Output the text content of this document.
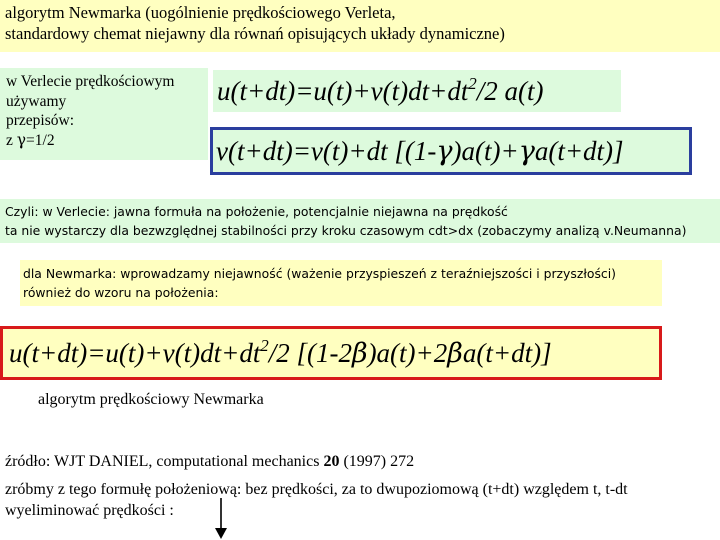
algorytm Newmarka (uogólnienie prędkościowego Verleta,
standardowy chemat niejawny dla równań opisujących układy dynamiczne)
w Verlecie prędkościowym
używamy
przepisów:
z γ=1/2
$u(t+dt)=u(t)+v(t)dt+dt^2/2$ a(t)
v(t+dt)=v(t)+dt [(1-γ)a(t)+γa(t+dt)]
Czyli: w Verlecie: jawna formuła na położenie, potencjalnie niejawna na prędkość
ta nie wystarczy dla bezwzględnej stabilności przy kroku czasowym cdt>dx (zobaczymy analizą v.Neumanna)
dla Newmarka: wprowadzamy niejawność (ważenie przyspieszeń z teraźniejszości i przyszłości)
również do wzoru na położenia:
$u(t+dt)=u(t)+v(t)dt+dt^2/2$ [(1-2β)a(t)+2βa(t+dt)]
algorytm prędkościowy Newmarka
źródło: WJT DANIEL, computational mechanics 20 (1997) 272
zróbmy z tego formułę położeniową: bez prędkości, za to dwupoziomową (t+dt) względem t, t-dt
wyeliminować prędkości :
